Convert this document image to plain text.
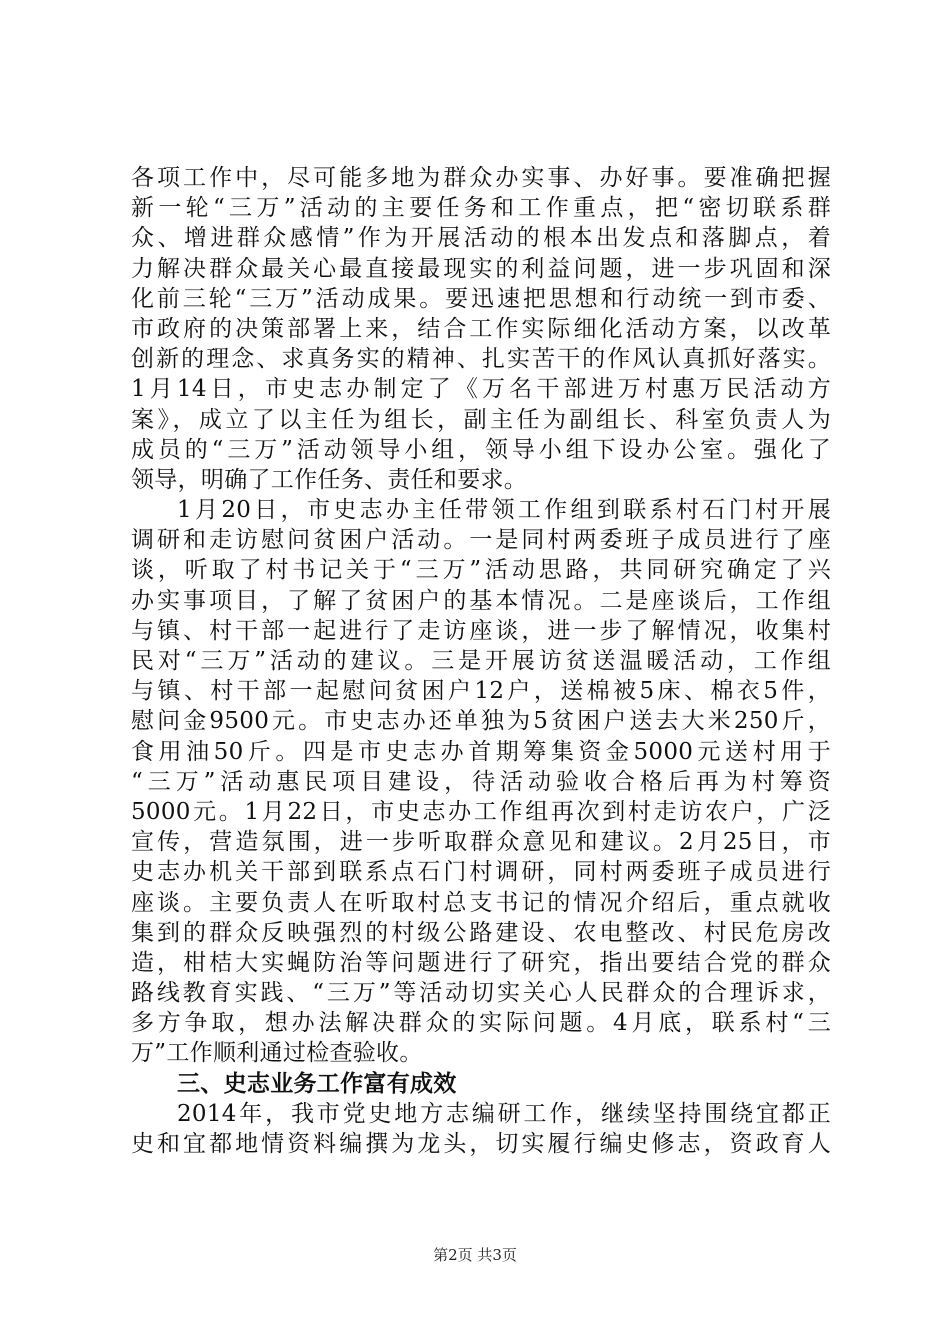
各项工作中，尽可能多地为群众办实事、办好事。要准确把握
新一轮“三万”活动的主要任务和工作重点，把“密切联系群
众、增进群众感情”作为开展活动的根本出发点和落脚点，着
力解决群众最关心最直接最现实的利益问题，进一步巩固和深
化前三轮“三万”活动成果。要迅速把思想和行动统一到市委、
市政府的决策部署上来，结合工作实际细化活动方案，以改革
创新的理念、求真务实的精神、扎实苦干的作风认真抓好落实。
1月14日，市史志办制定了《万名干部进万村惠万民活动方
案》，成立了以主任为组长，副主任为副组长、科室负责人为
成员的“三万”活动领导小组，领导小组下设办公室。强化了
领导，明确了工作任务、责任和要求。
1月20日，市史志办主任带领工作组到联系村石门村开展
调研和走访慰问贫困户活动。一是同村两委班子成员进行了座
谈，听取了村书记关于“三万”活动思路，共同研究确定了兴
办实事项目，了解了贫困户的基本情况。二是座谈后，工作组
与镇、村干部一起进行了走访座谈，进一步了解情况，收集村
民对“三万”活动的建议。三是开展访贫送温暖活动，工作组
与镇、村干部一起慰问贫困户12户，送棉被5床、棉衣5件，
慰问金9500元。市史志办还单独为5贫困户送去大米250斤，
食用油50斤。四是市史志办首期筹集资金5000元送村用于
“三万”活动惠民项目建设，待活动验收合格后再为村筹资
5000元。1月22日，市史志办工作组再次到村走访农户，广泛
宣传，营造氛围，进一步听取群众意见和建议。2月25日，市
史志办机关干部到联系点石门村调研，同村两委班子成员进行
座谈。主要负责人在听取村总支书记的情况介绍后，重点就收
集到的群众反映强烈的村级公路建设、农电整改、村民危房改
造，柑桔大实蝇防治等问题进行了研究，指出要结合党的群众
路线教育实践、“三万”等活动切实关心人民群众的合理诉求，
多方争取，想办法解决群众的实际问题。4月底，联系村“三
万”工作顺利通过检查验收。
三、史志业务工作富有成效
2014年，我市党史地方志编研工作，继续坚持围绕宜都正
史和宜都地情资料编撰为龙头，切实履行编史修志，资政育人
第2页 共3页
